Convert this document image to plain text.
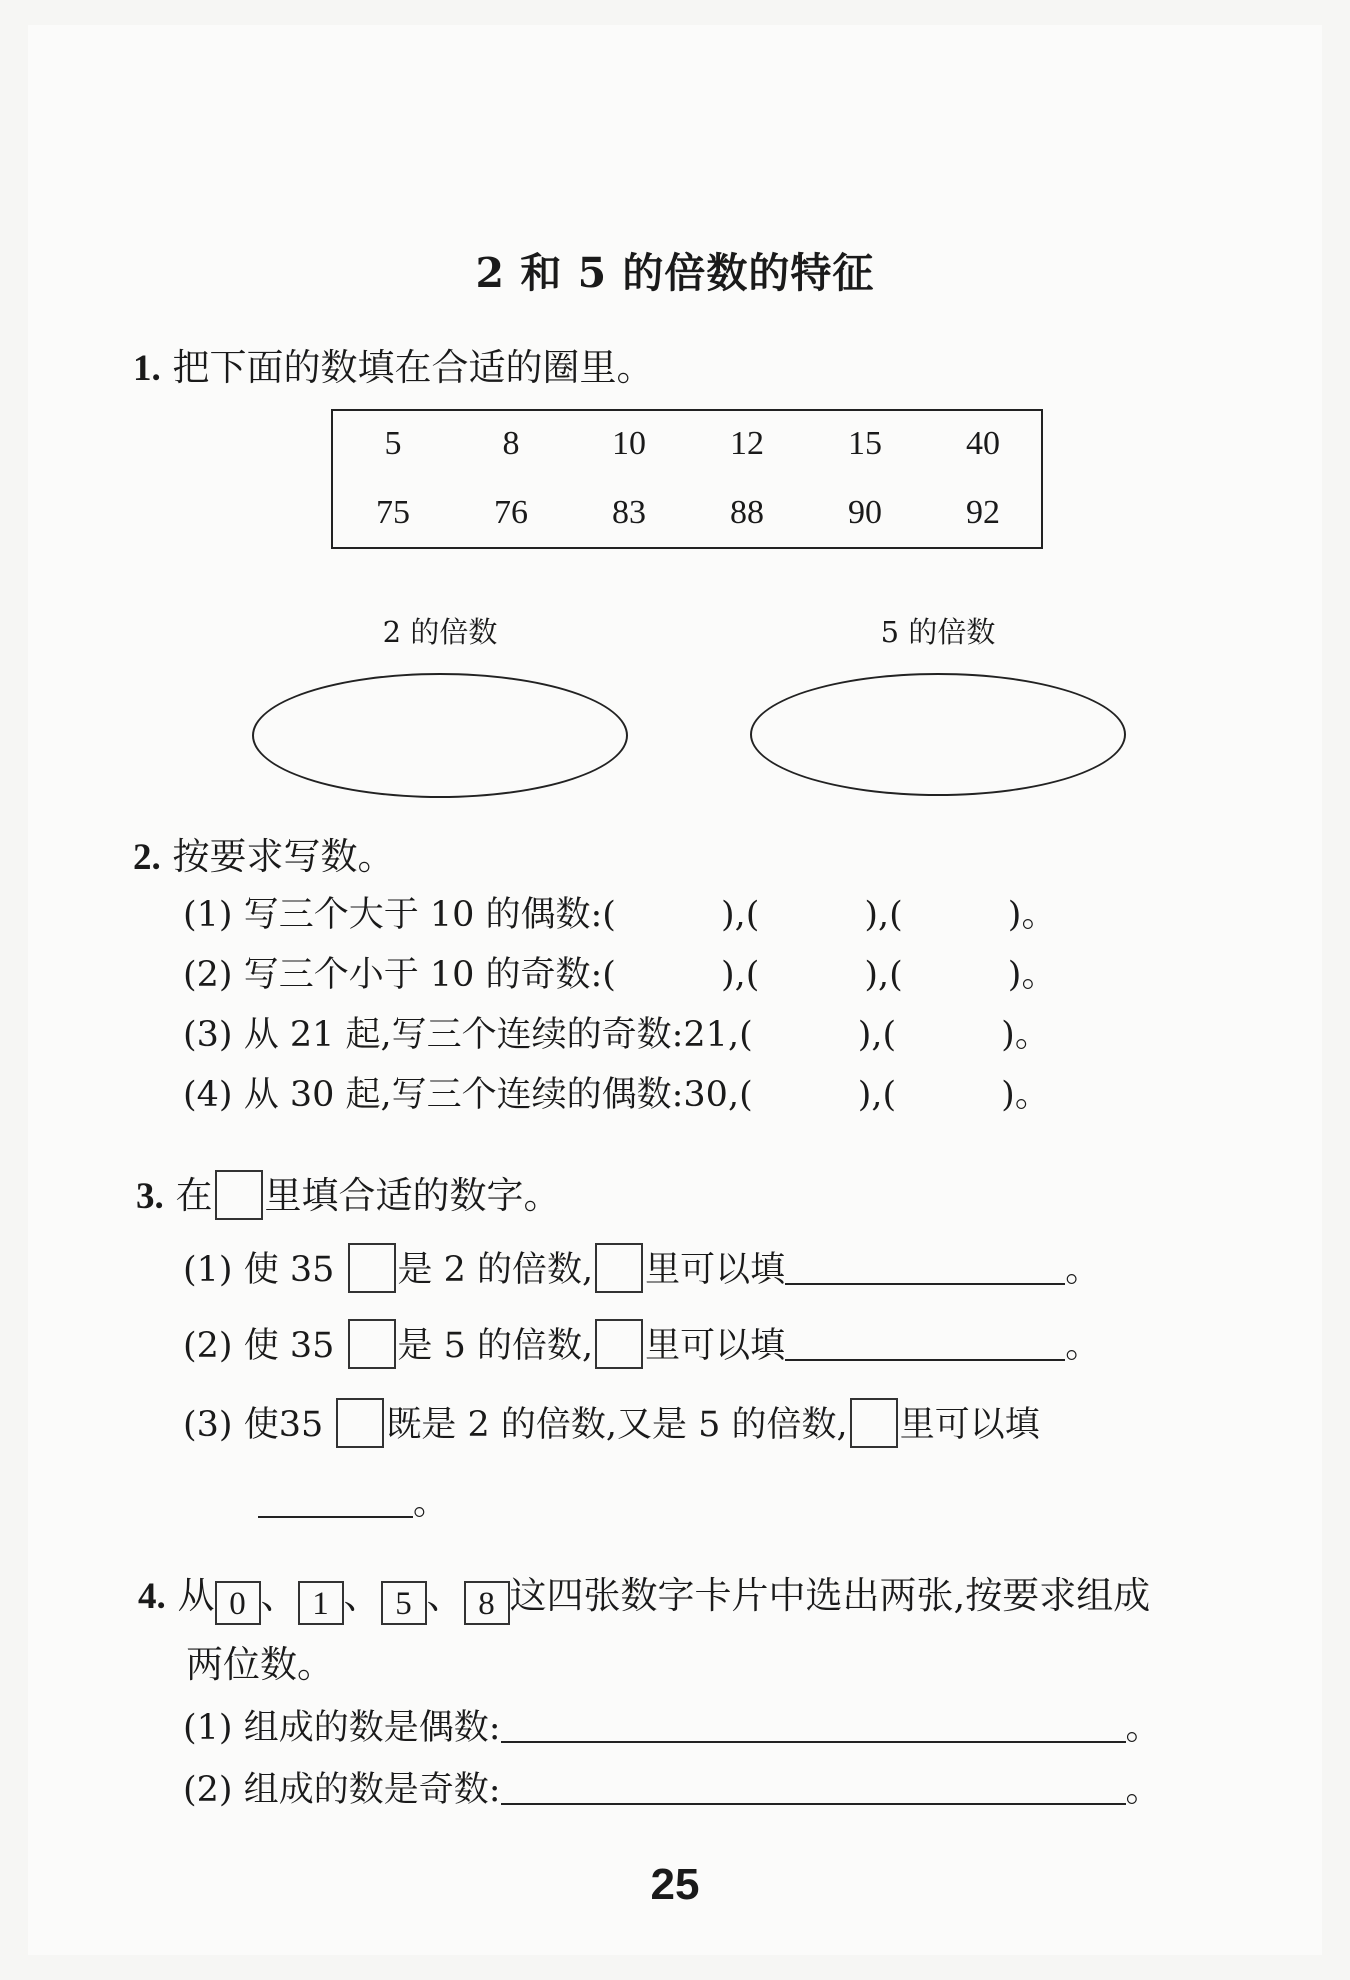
2 和 5 的倍数的特征
1. 把下面的数填在合适的圈里。
5	8	10	12	15	40
75	76	83	88	90	92
2 的倍数	5 的倍数
2. 按要求写数。
(1) 写三个大于 10 的偶数:(　　　),(　　　),(　　　)。
(2) 写三个小于 10 的奇数:(　　　),(　　　),(　　　)。
(3) 从 21 起,写三个连续的奇数:21,(　　　),(　　　)。
(4) 从 30 起,写三个连续的偶数:30,(　　　),(　　　)。
3. 在 里填合适的数字。
(1) 使 35 是 2 的倍数, 里可以填	。
(2) 使 35 是 5 的倍数, 里可以填	。
(3) 使35 既是 2 的倍数,又是 5 的倍数, 里可以填
。
4. 从 0 、 1 、 5 、 8 这四张数字卡片中选出两张,按要求组成
两位数。
(1) 组成的数是偶数:	。
(2) 组成的数是奇数:	。
25
